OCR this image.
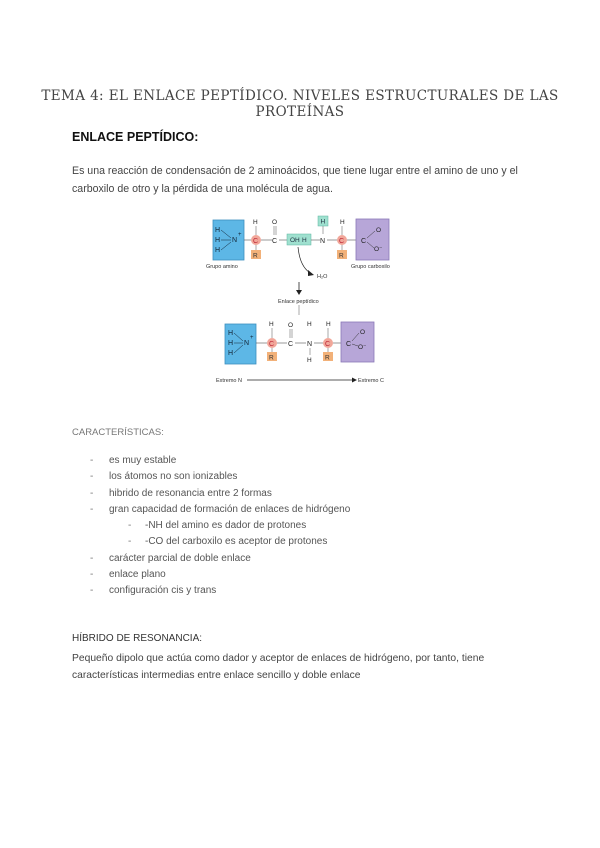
TEMA 4: EL ENLACE PEPTÍDICO. NIVELES ESTRUCTURALES DE LAS PROTEÍNAS
ENLACE PEPTÍDICO:
Es una reacción de condensación de 2 aminoácidos, que tiene lugar entre el amino de uno y el carboxilo de otro y la pérdida de una molécula de agua.
H
H
H
N
+
C
H
R
C
O
OH H
H
N
H
C
R
C
O
O⁻
Grupo amino	Grupo carboxilo
H₂O
Enlace peptídico
H
H
H
N
+
H
C
R
C
O
N
H
H
C
R
H
C
O
O⁻
Extremo N	Extremo C
CARACTERÍSTICAS:
- es muy estable
- los átomos no son ionizables
- hibrido de resonancia entre 2 formas
- gran capacidad de formación de enlaces de hidrógeno
- -NH del amino es dador de protones
- -CO del carboxilo es aceptor de protones
- carácter parcial de doble enlace
- enlace plano
- configuración cis y trans
HÍBRIDO DE RESONANCIA:
Pequeño dipolo que actúa como dador y aceptor de enlaces de hidrógeno, por tanto, tiene características intermedias entre enlace sencillo y doble enlace
